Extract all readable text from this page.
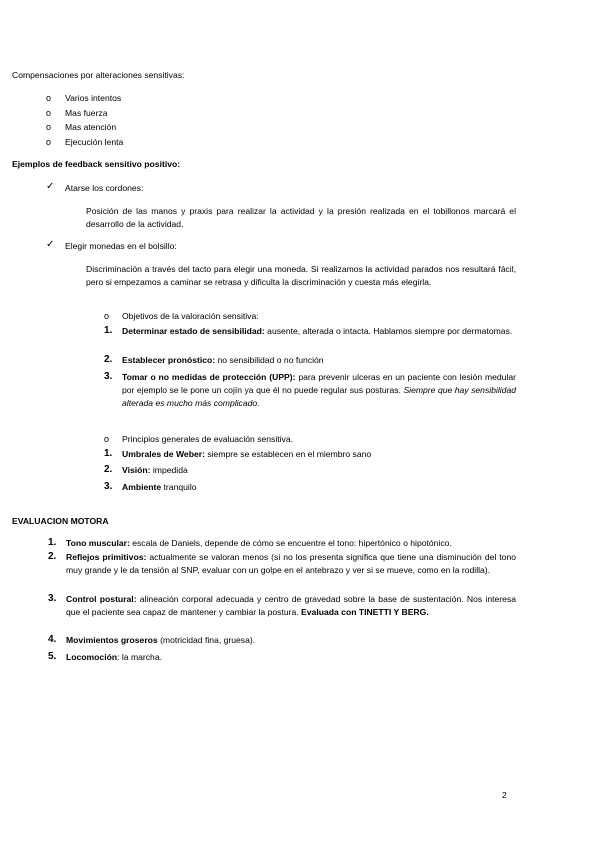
Compensaciones por alteraciones sensitivas:

o	Varios intentos
o	Mas fuerza
o	Mas atención
o	Ejecución lenta

Ejemplos de feedback sensitivo positivo:

✓ Atarse los cordones:

Posición de las manos y praxis para realizar la actividad y la presión realizada en el tobillonos marcará el desarrollo de la actividad.

✓ Elegir monedas en el bolsillo:

Discriminación a través del tacto para elegir una moneda. Si realizamos la actividad parados nos resultará fácil, pero si empezamos a caminar se retrasa y dificulta la discriminación y cuesta más elegirla.

o	Objetivos de la valoración sensitiva:

1. Determinar estado de sensibilidad: ausente, alterada o intacta. Hablamos siempre por dermatomas.

2. Establecer pronóstico: no sensibilidad o no función

3. Tomar o no medidas de protección (UPP): para prevenir ulceras en un paciente con lesión medular por ejemplo se le pone un cojín ya que él no puede regular sus posturas. Siempre que hay sensibilidad alterada es mucho más complicado.

o	Principios generales de evaluación sensitiva.

1. Umbrales de Weber: siempre se establecen en el miembro sano

2. Visión: impedida

3. Ambiente tranquilo

EVALUACION MOTORA

1. Tono muscular: escala de Daniels, depende de cómo se encuentre el tono: hipertónico o hipotónico.

2. Reflejos primitivos: actualmente se valoran menos (si no los presenta significa que tiene una disminución del tono muy grande y le da tensión al SNP, evaluar con un golpe en el antebrazo y ver si se mueve, como en la rodilla).

3. Control postural: alineación corporal adecuada y centro de gravedad sobre la base de sustentación. Nos interesa que el paciente sea capaz de mantener y cambiar la postura. Evaluada con TINETTI Y BERG.

4. Movimientos groseros (motricidad fina, gruesa).

5. Locomoción: la marcha.

2
